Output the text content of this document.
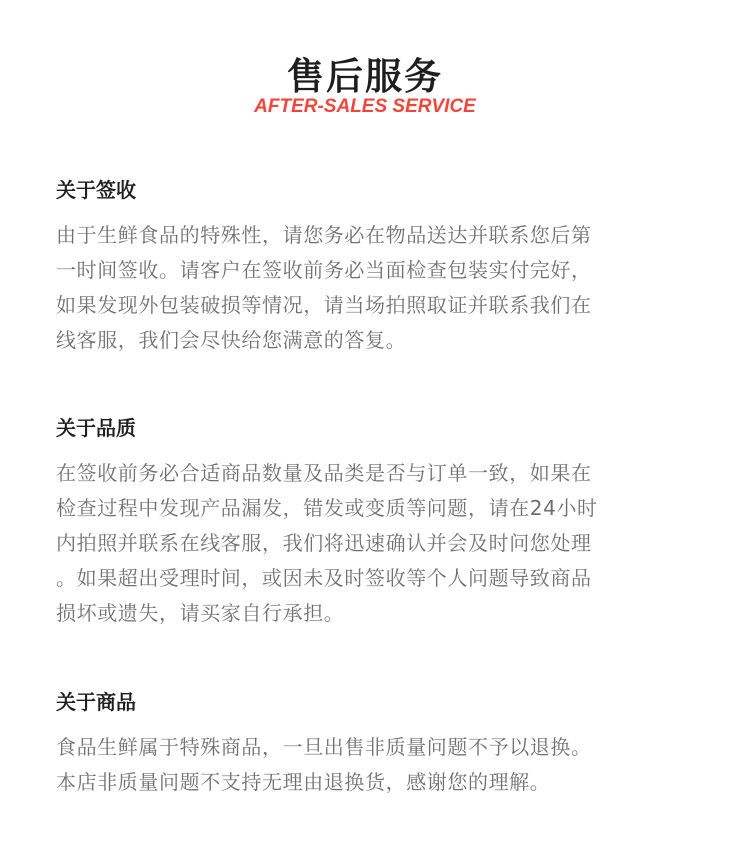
售后服务
AFTER-SALES SERVICE
关于签收

由于生鲜食品的特殊性，请您务必在物品送达并联系您后第
一时间签收。请客户在签收前务必当面检查包装实付完好，
如果发现外包装破损等情况，请当场拍照取证并联系我们在
线客服，我们会尽快给您满意的答复。

关于品质

在签收前务必合适商品数量及品类是否与订单一致，如果在
检查过程中发现产品漏发，错发或变质等问题，请在24小时
内拍照并联系在线客服，我们将迅速确认并会及时问您处理
。如果超出受理时间，或因未及时签收等个人问题导致商品
损坏或遗失，请买家自行承担。

关于商品

食品生鲜属于特殊商品，一旦出售非质量问题不予以退换。
本店非质量问题不支持无理由退换货，感谢您的理解。
